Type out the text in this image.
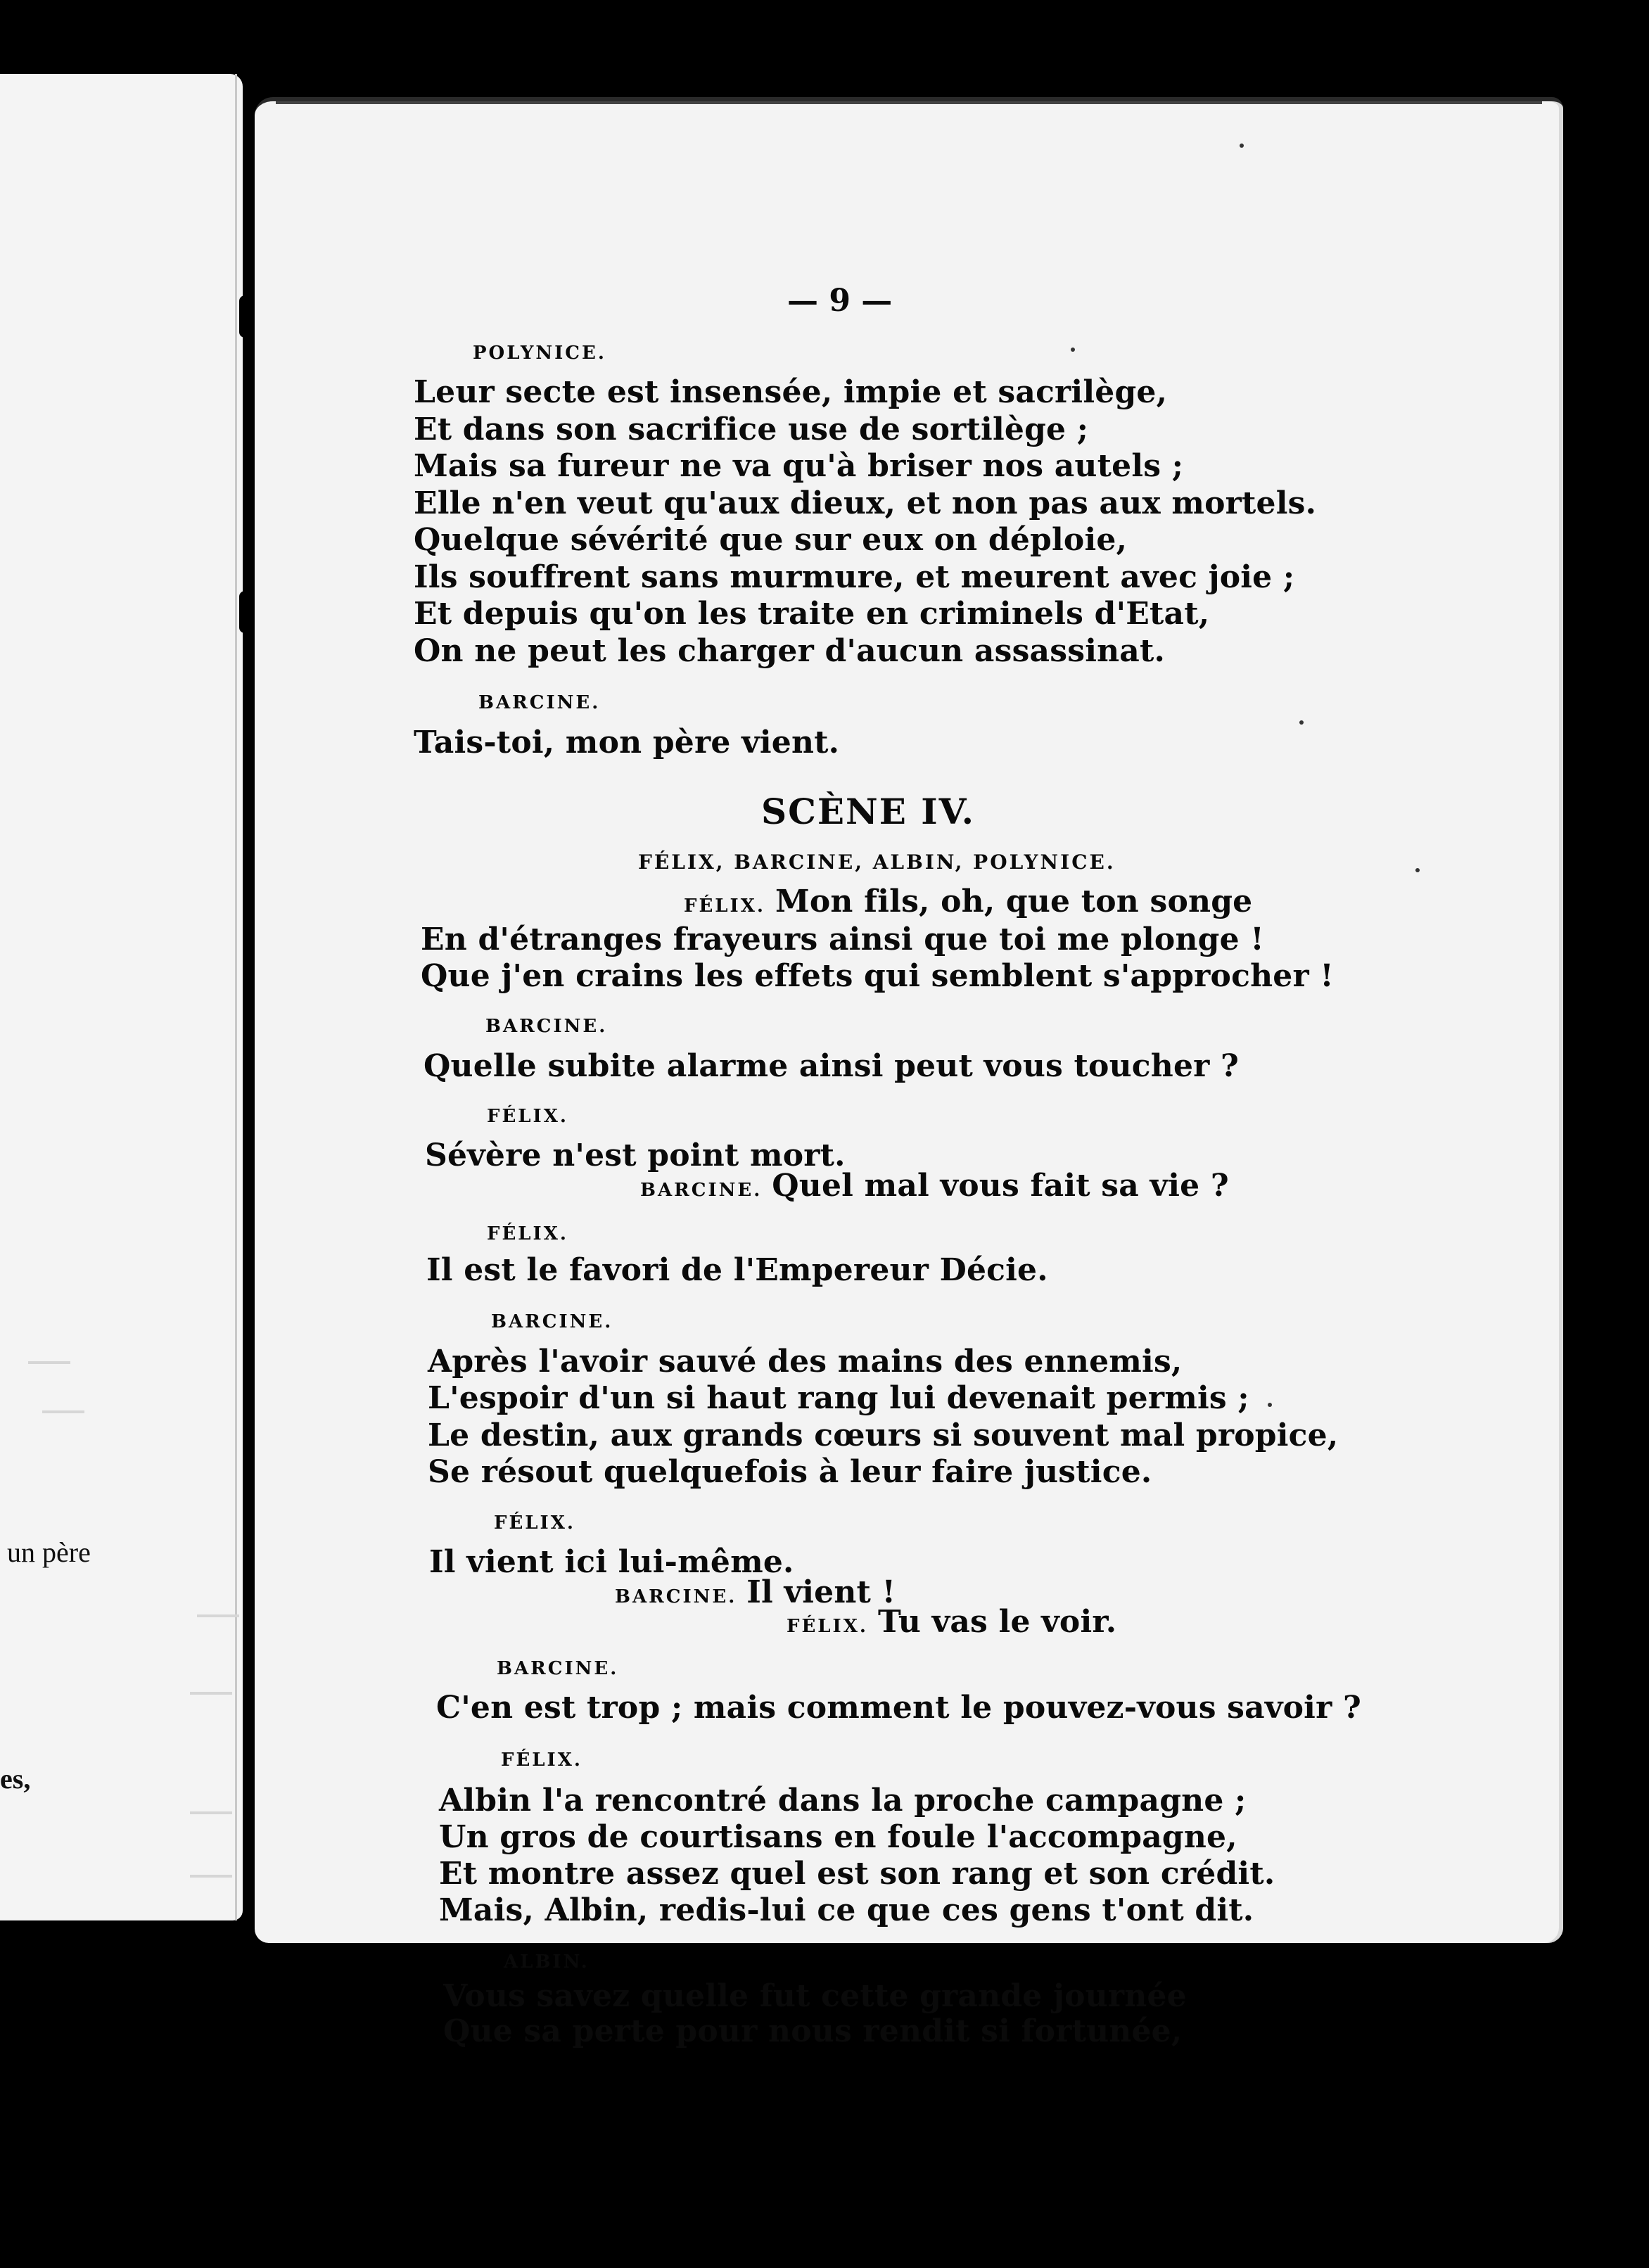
un père
es,
— 9 —
POLYNICE.
Leur secte est insensée, impie et sacrilège,
Et dans son sacrifice use de sortilège ;
Mais sa fureur ne va qu'à briser nos autels ;
Elle n'en veut qu'aux dieux, et non pas aux mortels.
Quelque sévérité que sur eux on déploie,
Ils souffrent sans murmure, et meurent avec joie ;
Et depuis qu'on les traite en criminels d'Etat,
On ne peut les charger d'aucun assassinat.
BARCINE.
Tais-toi, mon père vient.
SCÈNE IV.
FÉLIX, BARCINE, ALBIN, POLYNICE.
FÉLIX. Mon fils, oh, que ton songe
En d'étranges frayeurs ainsi que toi me plonge !
Que j'en crains les effets qui semblent s'approcher !
BARCINE.
Quelle subite alarme ainsi peut vous toucher ?
FÉLIX.
Sévère n'est point mort.
BARCINE. Quel mal vous fait sa vie ?
FÉLIX.
Il est le favori de l'Empereur Décie.
BARCINE.
Après l'avoir sauvé des mains des ennemis,
L'espoir d'un si haut rang lui devenait permis ;
Le destin, aux grands cœurs si souvent mal propice,
Se résout quelquefois à leur faire justice.
FÉLIX.
Il vient ici lui-même.
BARCINE. Il vient !
FÉLIX. Tu vas le voir.
BARCINE.
C'en est trop ; mais comment le pouvez-vous savoir ?
FÉLIX.
Albin l'a rencontré dans la proche campagne ;
Un gros de courtisans en foule l'accompagne,
Et montre assez quel est son rang et son crédit.
Mais, Albin, redis-lui ce que ces gens t'ont dit.
ALBIN.
Vous savez quelle fut cette grande journée
Que sa perte pour nous rendit si fortunée,
